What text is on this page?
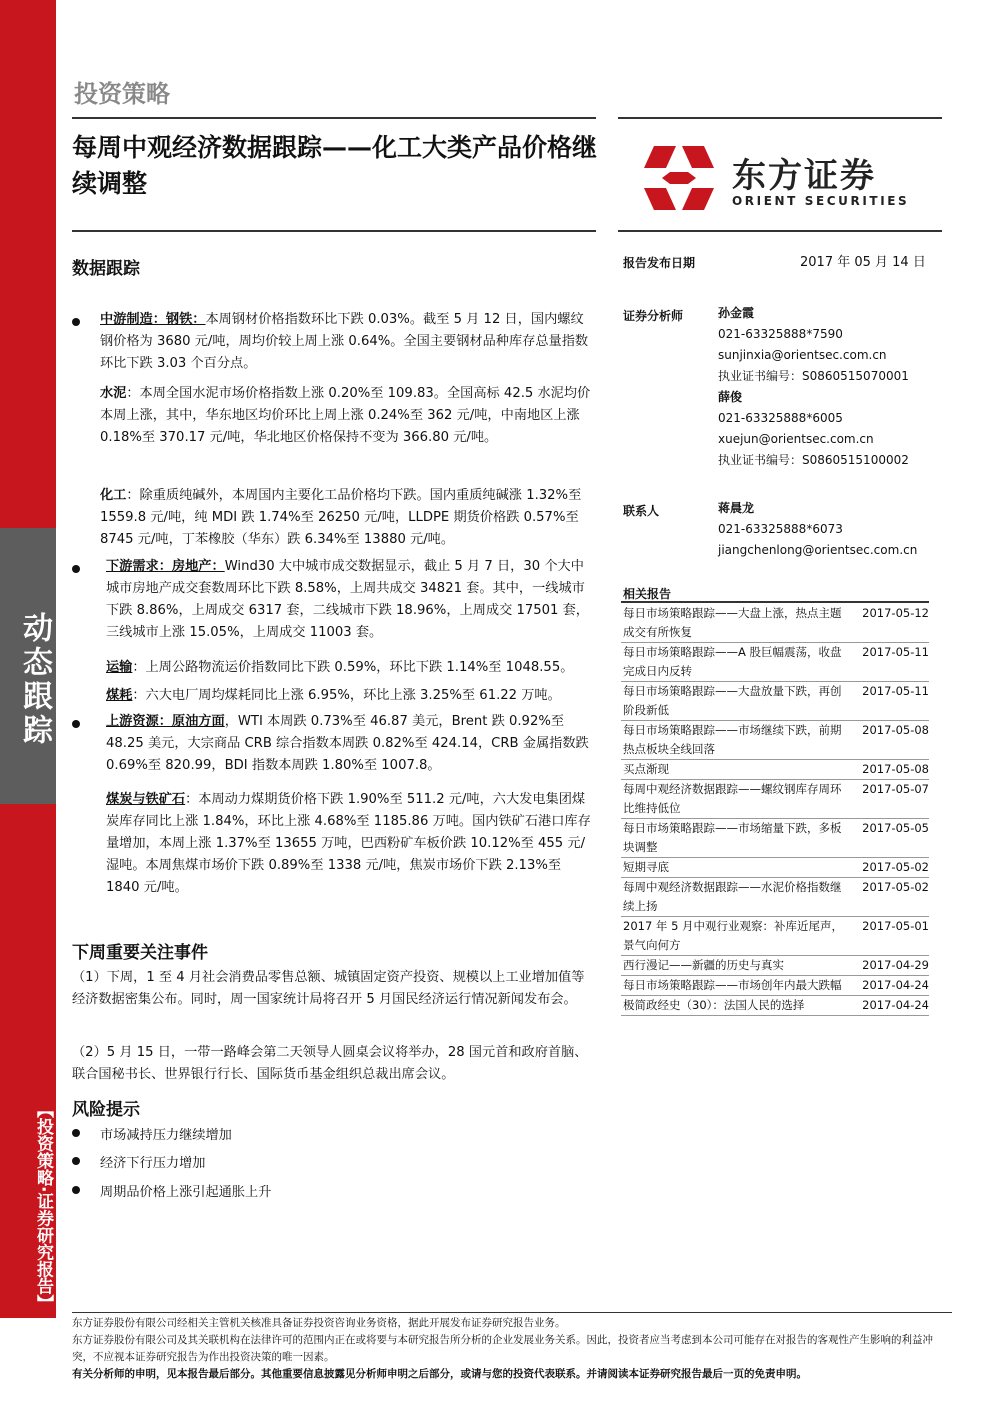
动态跟踪
【投资策略·证券研究报告】
投资策略
每周中观经济数据跟踪——化工大类产品价格继续调整	东方证券
ORIENT SECURITIES
报告发布日期	2017 年 05 月 14 日
证券分析师	孙金霞
021-63325888*7590
sunjinxia@orientsec.com.cn
执业证书编号：S0860515070001
薛俊
021-63325888*6005
xuejun@orientsec.com.cn
执业证书编号：S0860515100002
联系人	蒋晨龙
021-63325888*6073
jiangchenlong@orientsec.com.cn
相关报告
每日市场策略跟踪——大盘上涨，热点主题成交有所恢复	2017-05-12
每日市场策略跟踪——A 股巨幅震荡，收盘完成日内反转	2017-05-11
每日市场策略跟踪——大盘放量下跌，再创阶段新低	2017-05-11
每日市场策略跟踪——市场继续下跌，前期热点板块全线回落	2017-05-08
买点渐现	2017-05-08
每周中观经济数据跟踪——螺纹钢库存周环比维持低位	2017-05-07
每日市场策略跟踪——市场缩量下跌，多板块调整	2017-05-05
短期寻底	2017-05-02
每周中观经济数据跟踪——水泥价格指数继续上扬	2017-05-02
2017 年 5 月中观行业观察：补库近尾声，景气向何方	2017-05-01
西行漫记——新疆的历史与真实	2017-04-29
每日市场策略跟踪——市场创年内最大跌幅	2017-04-24
极简政经史（30）：法国人民的选择	2017-04-24
数据跟踪
中游制造：钢铁：本周钢材价格指数环比下跌 0.03%。截至 5 月 12 日，国内螺纹钢价格为 3680 元/吨，周均价较上周上涨 0.64%。全国主要钢材品种库存总量指数环比下跌 3.03 个百分点。
水泥：本周全国水泥市场价格指数上涨 0.20%至 109.83。全国高标 42.5 水泥均价本周上涨，其中，华东地区均价环比上周上涨 0.24%至 362 元/吨，中南地区上涨 0.18%至 370.17 元/吨，华北地区价格保持不变为 366.80 元/吨。
化工：除重质纯碱外，本周国内主要化工品价格均下跌。国内重质纯碱涨 1.32%至 1559.8 元/吨，纯 MDI 跌 1.74%至 26250 元/吨，LLDPE 期货价格跌 0.57%至 8745 元/吨，丁苯橡胶（华东）跌 6.34%至 13880 元/吨。
下游需求：房地产：Wind30 大中城市成交数据显示，截止 5 月 7 日，30 个大中城市房地产成交套数周环比下跌 8.58%，上周共成交 34821 套。其中，一线城市下跌 8.86%，上周成交 6317 套，二线城市下跌 18.96%，上周成交 17501 套，三线城市上涨 15.05%，上周成交 11003 套。
运输：上周公路物流运价指数同比下跌 0.59%，环比下跌 1.14%至 1048.55。
煤耗：六大电厂周均煤耗同比上涨 6.95%，环比上涨 3.25%至 61.22 万吨。
上游资源：原油方面，WTI 本周跌 0.73%至 46.87 美元，Brent 跌 0.92%至 48.25 美元，大宗商品 CRB 综合指数本周跌 0.82%至 424.14，CRB 金属指数跌 0.69%至 820.99，BDI 指数本周跌 1.80%至 1007.8。
煤炭与铁矿石：本周动力煤期货价格下跌 1.90%至 511.2 元/吨，六大发电集团煤炭库存同比上涨 1.84%，环比上涨 4.68%至 1185.86 万吨。国内铁矿石港口库存量增加，本周上涨 1.37%至 13655 万吨，巴西粉矿车板价跌 10.12%至 455 元/湿吨。本周焦煤市场价下跌 0.89%至 1338 元/吨，焦炭市场价下跌 2.13%至 1840 元/吨。
下周重要关注事件
（1）下周，1 至 4 月社会消费品零售总额、城镇固定资产投资、规模以上工业增加值等经济数据密集公布。同时，周一国家统计局将召开 5 月国民经济运行情况新闻发布会。
（2）5 月 15 日，一带一路峰会第二天领导人圆桌会议将举办，28 国元首和政府首脑、联合国秘书长、世界银行行长、国际货币基金组织总裁出席会议。
风险提示
市场减持压力继续增加
经济下行压力增加
周期品价格上涨引起通胀上升
东方证券股份有限公司经相关主管机关核准具备证券投资咨询业务资格，据此开展发布证券研究报告业务。
东方证券股份有限公司及其关联机构在法律许可的范围内正在或将要与本研究报告所分析的企业发展业务关系。因此，投资者应当考虑到本公司可能存在对报告的客观性产生影响的利益冲突，不应视本证券研究报告为作出投资决策的唯一因素。
有关分析师的申明，见本报告最后部分。其他重要信息披露见分析师申明之后部分，或请与您的投资代表联系。并请阅读本证券研究报告最后一页的免责申明。
